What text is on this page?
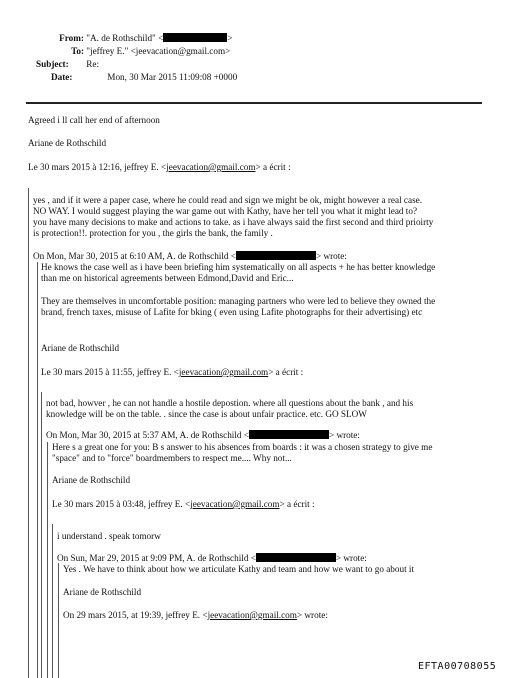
From: "A. de Rothschild" <	>
To: "jeffrey E." <jeevacation@gmail.com>
Subject: Re:
Date:	Mon, 30 Mar 2015 11:09:08 +0000
Agreed i ll call her end of afternoon
Ariane de Rothschild
Le 30 mars 2015 à 12:16, jeffrey E. <jeevacation@gmail.com> a écrit :
yes , and if it were a paper case, where he could read and sign we might be ok, might however a real case.
NO WAY. I would suggest playing the war game out with Kathy, have her tell you what it might lead to?
you have many decisions to make and actions to take. as i have always said the first second and third prioirty
is protection!!. protection for you , the girls the bank, the family .
On Mon, Mar 30, 2015 at 6:10 AM, A. de Rothschild <	> wrote:
He knows the case well as i have been briefing him systematically on all aspects + he has better knowledge
than me on historical agreements between Edmond,David and Eric...
They are themselves in uncomfortable position: managing partners who were led to believe they owned the
brand, french taxes, misuse of Lafite for bking ( even using Lafite photographs for their advertising) etc
Ariane de Rothschild
Le 30 mars 2015 à 11:55, jeffrey E. <jeevacation@gmail.com> a écrit :
not bad, howver , he can not handle a hostile depostion. where all questions about the bank , and his
knowledge will be on the table. . since the case is about unfair practice. etc. GO SLOW
On Mon, Mar 30, 2015 at 5:37 AM, A. de Rothschild <	> wrote:
Here s a great one for you: B s answer to his absences from boards : it was a chosen strategy to give me
"space" and to "force" boardmembers to respect me.... Why not...
Ariane de Rothschild
Le 30 mars 2015 à 03:48, jeffrey E. <jeevacation@gmail.com> a écrit :
i understand . speak tomorw
On Sun, Mar 29, 2015 at 9:09 PM, A. de Rothschild <	> wrote:
Yes . We have to think about how we articulate Kathy and team and how we want to go about it
Ariane de Rothschild
On 29 mars 2015, at 19:39, jeffrey E. <jeevacation@gmail.com> wrote:
EFTA00708055
